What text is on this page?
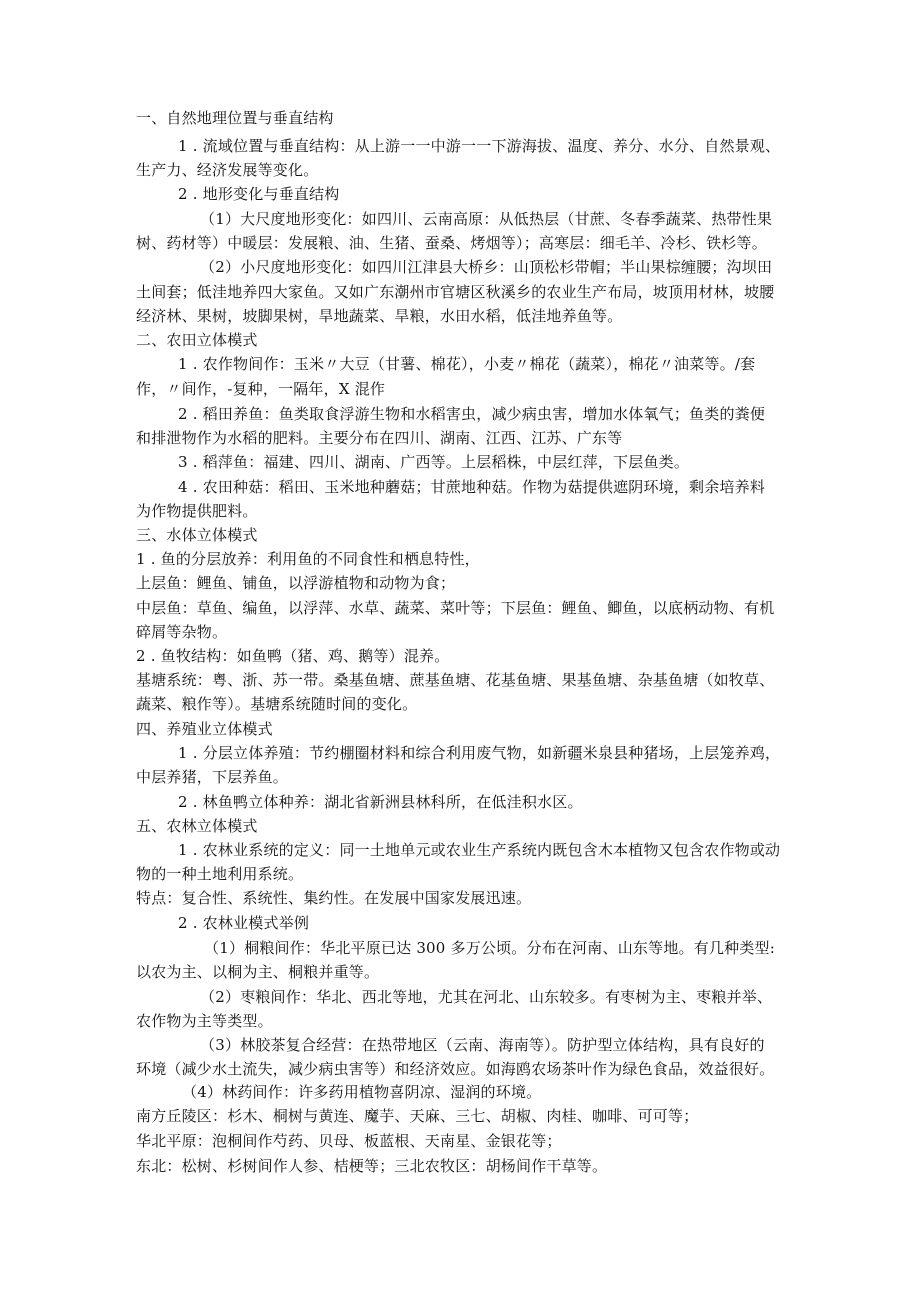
一、自然地理位置与垂直结构
1 . 流域位置与垂直结构：从上游一一中游一一下游海拔、温度、养分、水分、自然景观、
生产力、经济发展等变化。
2 . 地形变化与垂直结构
（1）大尺度地形变化：如四川、云南高原：从低热层（甘蔗、冬春季蔬菜、热带性果
树、药材等）中暖层：发展粮、油、生猪、蚕桑、烤烟等）；高寒层：细毛羊、冷杉、铁杉等。
（2）小尺度地形变化：如四川江津县大桥乡：山顶松杉带帽；半山果棕缠腰；沟坝田
土间套；低洼地养四大家鱼。又如广东潮州市官塘区秋溪乡的农业生产布局，坡顶用材林，坡腰
经济林、果树，坡脚果树，旱地蔬菜、旱粮，水田水稻，低洼地养鱼等。
二、农田立体模式
1 . 农作物间作：玉米〃大豆（甘薯、棉花），小麦〃棉花（蔬菜），棉花〃油菜等。/套
作，〃间作，-复种，一隔年，X 混作
2 . 稻田养鱼：鱼类取食浮游生物和水稻害虫，减少病虫害，增加水体氧气；鱼类的粪便
和排泄物作为水稻的肥料。主要分布在四川、湖南、江西、江苏、广东等
3 . 稻萍鱼：福建、四川、湖南、广西等。上层稻株，中层红萍，下层鱼类。
4 . 农田种菇：稻田、玉米地种蘑菇；甘蔗地种菇。作物为菇提供遮阴环境，剩余培养料
为作物提供肥料。
三、水体立体模式
1 . 鱼的分层放养：利用鱼的不同食性和栖息特性，
上层鱼：鲤鱼、铺鱼，以浮游植物和动物为食；
中层鱼：草鱼、编鱼，以浮萍、水草、蔬菜、菜叶等；下层鱼：鲤鱼、鲫鱼，以底柄动物、有机
碎屑等杂物。
2 . 鱼牧结构：如鱼鸭（猪、鸡、鹅等）混养。
基塘系统：粤、浙、苏一带。桑基鱼塘、蔗基鱼塘、花基鱼塘、果基鱼塘、杂基鱼塘（如牧草、
蔬菜、粮作等）。基塘系统随时间的变化。
四、养殖业立体模式
1 . 分层立体养殖：节约棚圈材料和综合利用废气物，如新疆米泉县种猪场，上层笼养鸡，
中层养猪，下层养鱼。
2 . 林鱼鸭立体种养：湖北省新洲县林科所，在低洼积水区。
五、农林立体模式
1 . 农林业系统的定义：同一土地单元或农业生产系统内既包含木本植物又包含农作物或动
物的一种土地利用系统。
特点：复合性、系统性、集约性。在发展中国家发展迅速。
2 . 农林业模式举例
（1）桐粮间作：华北平原已达 300 多万公顷。分布在河南、山东等地。有几种类型:
以农为主、以桐为主、桐粮并重等。
（2）枣粮间作：华北、西北等地，尤其在河北、山东较多。有枣树为主、枣粮并举、
农作物为主等类型。
（3）林胶茶复合经营：在热带地区（云南、海南等）。防护型立体结构，具有良好的
环境（减少水土流失，减少病虫害等）和经济效应。如海鸥农场茶叶作为绿色食品，效益很好。
（4）林药间作：许多药用植物喜阴凉、湿润的环境。
南方丘陵区：杉木、桐树与黄连、魔芋、天麻、三七、胡椒、肉桂、咖啡、可可等；
华北平原：泡桐间作芍药、贝母、板蓝根、天南星、金银花等；
东北：松树、杉树间作人参、桔梗等；三北农牧区：胡杨间作干草等。
